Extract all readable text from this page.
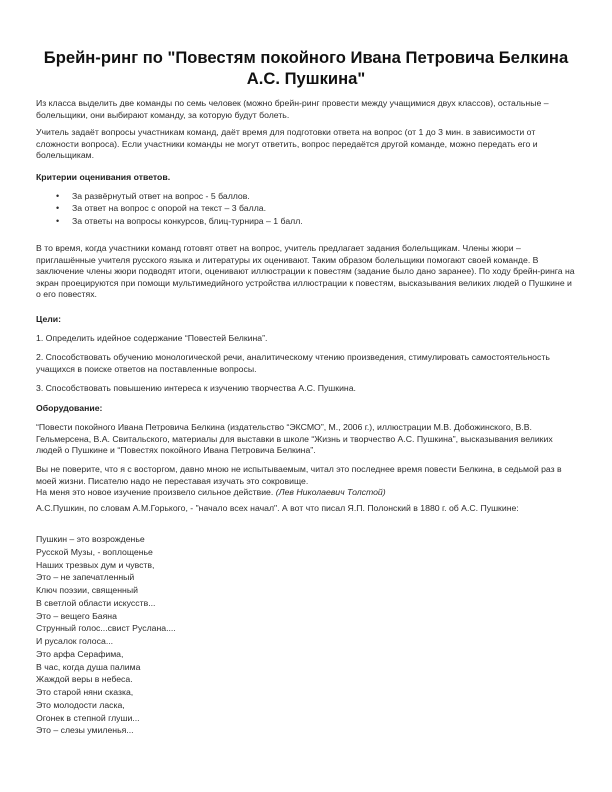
Брейн-ринг по "Повестям покойного Ивана Петровича Белкина А.С. Пушкина"

Из класса выделить две команды по семь человек (можно брейн-ринг провести между учащимися двух классов), остальные – болельщики, они выбирают команду, за которую будут болеть.

Учитель задаёт вопросы участникам команд, даёт время для подготовки ответа на вопрос (от 1 до 3 мин. в зависимости от сложности вопроса). Если участники команды не могут ответить, вопрос передаётся другой команде, можно передать его и болельщикам.

Критерии оценивания ответов.

• За развёрнутый ответ на вопрос - 5 баллов.
• За ответ на вопрос с опорой на текст – 3 балла.
• За ответы на вопросы конкурсов, блиц-турнира – 1 балл.

В то время, когда участники команд готовят ответ на вопрос, учитель предлагает задания болельщикам. Члены жюри – приглашённые учителя русского языка и литературы их оценивают. Таким образом болельщики помогают своей команде. В заключение члены жюри подводят итоги, оценивают иллюстрации к повестям (задание было дано заранее). По ходу брейн-ринга на экран проецируются при помощи мультимедийного устройства иллюстрации к повестям, высказывания великих людей о Пушкине и о его повестях.

Цели:

1. Определить идейное содержание “Повестей Белкина”.

2. Способствовать обучению монологической речи, аналитическому чтению произведения, стимулировать самостоятельность учащихся в поиске ответов на поставленные вопросы.

3. Способствовать повышению интереса к изучению творчества А.С. Пушкина.

Оборудование:

“Повести покойного Ивана Петровича Белкина (издательство “ЭКСМО”, М., 2006 г.), иллюстрации М.В. Добожинского, В.В. Гельмерсена, В.А. Свитальского, материалы для выставки в школе “Жизнь и творчество А.С. Пушкина”, высказывания великих людей о Пушкине и “Повестях покойного Ивана Петровича Белкина”.

Вы не поверите, что я с восторгом, давно мною не испытываемым, читал это последнее время повести Белкина, в седьмой раз в моей жизни. Писателю надо не переставая изучать это сокровище.
На меня это новое изучение произвело сильное действие. (Лев Николаевич Толстой)

А.С.Пушкин, по словам А.М.Горького, - "начало всех начал". А вот что писал Я.П. Полонский в 1880 г. об А.С. Пушкине:

Пушкин – это возрожденье
Русской Музы, - воплощенье
Наших трезвых дум и чувств,
Это – не запечатленный
Ключ поэзии, священный
В светлой области искусств...
Это – вещего Баяна
Струнный голос...свист Руслана....
И русалок голоса...
Это арфа Серафима,
В час, когда душа палима
Жаждой веры в небеса.
Это старой няни сказка,
Это молодости ласка,
Огонек в степной глуши...
Это – слезы умиленья...
